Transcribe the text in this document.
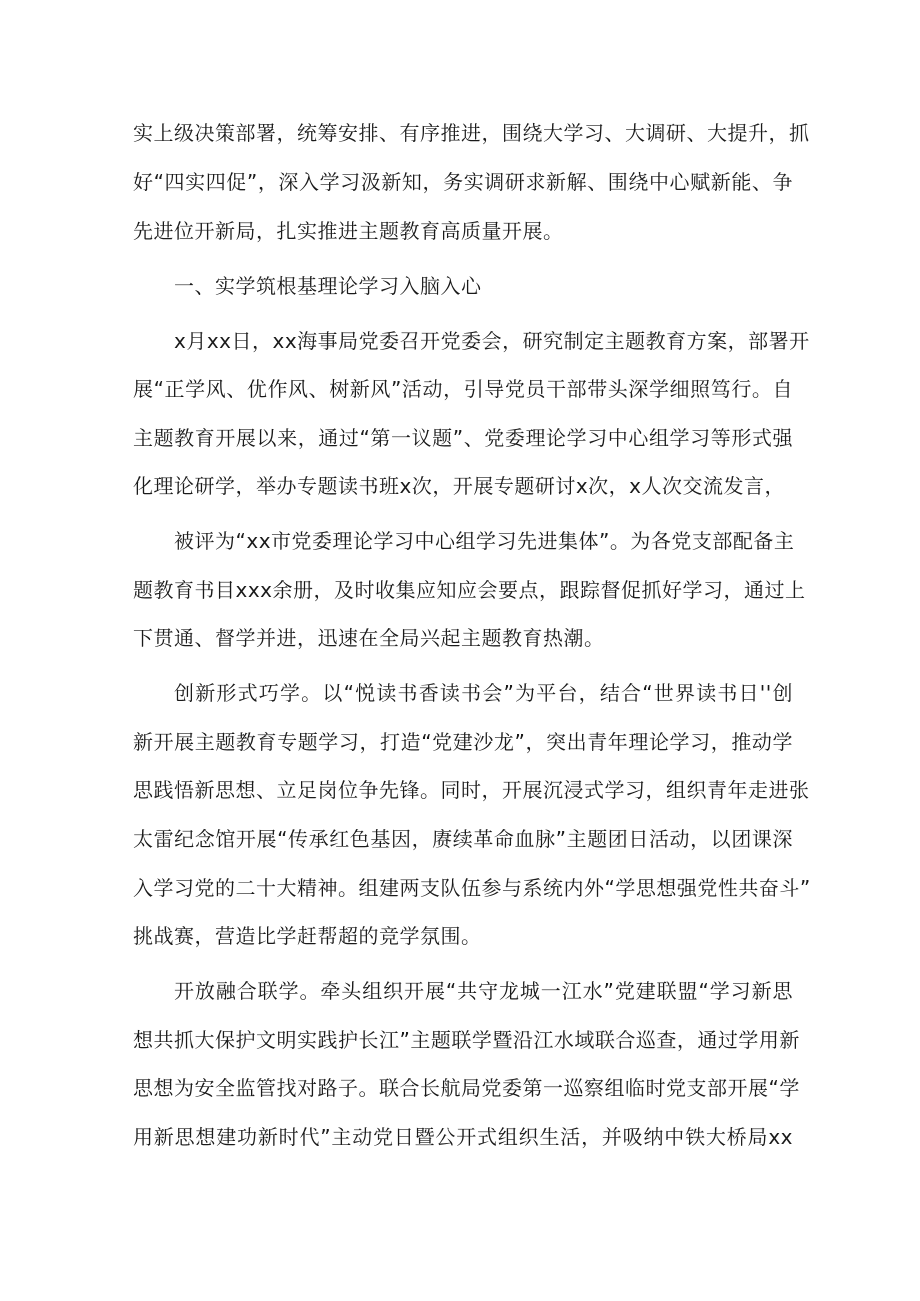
实上级决策部署，统筹安排、有序推进，围绕大学习、大调研、大提升，抓
好“四实四促”，深入学习汲新知，务实调研求新解、围绕中心赋新能、争
先进位开新局，扎实推进主题教育高质量开展。
一、实学筑根基理论学习入脑入心
x月xx日，xx海事局党委召开党委会，研究制定主题教育方案，部署开
展“正学风、优作风、树新风”活动，引导党员干部带头深学细照笃行。自
主题教育开展以来，通过“第一议题”、党委理论学习中心组学习等形式强
化理论研学，举办专题读书班x次，开展专题研讨x次，x人次交流发言，
被评为“xx市党委理论学习中心组学习先进集体”。为各党支部配备主
题教育书目xxx余册，及时收集应知应会要点，跟踪督促抓好学习，通过上
下贯通、督学并进，迅速在全局兴起主题教育热潮。
创新形式巧学。以“悦读书香读书会”为平台，结合“世界读书日''创
新开展主题教育专题学习，打造“党建沙龙”，突出青年理论学习，推动学
思践悟新思想、立足岗位争先锋。同时，开展沉浸式学习，组织青年走进张
太雷纪念馆开展“传承红色基因，赓续革命血脉”主题团日活动，以团课深
入学习党的二十大精神。组建两支队伍参与系统内外“学思想强党性共奋斗”
挑战赛，营造比学赶帮超的竞学氛围。
开放融合联学。牵头组织开展“共守龙城一江水”党建联盟“学习新思
想共抓大保护文明实践护长江”主题联学暨沿江水域联合巡查，通过学用新
思想为安全监管找对路子。联合长航局党委第一巡察组临时党支部开展“学
用新思想建功新时代”主动党日暨公开式组织生活，并吸纳中铁大桥局xx
